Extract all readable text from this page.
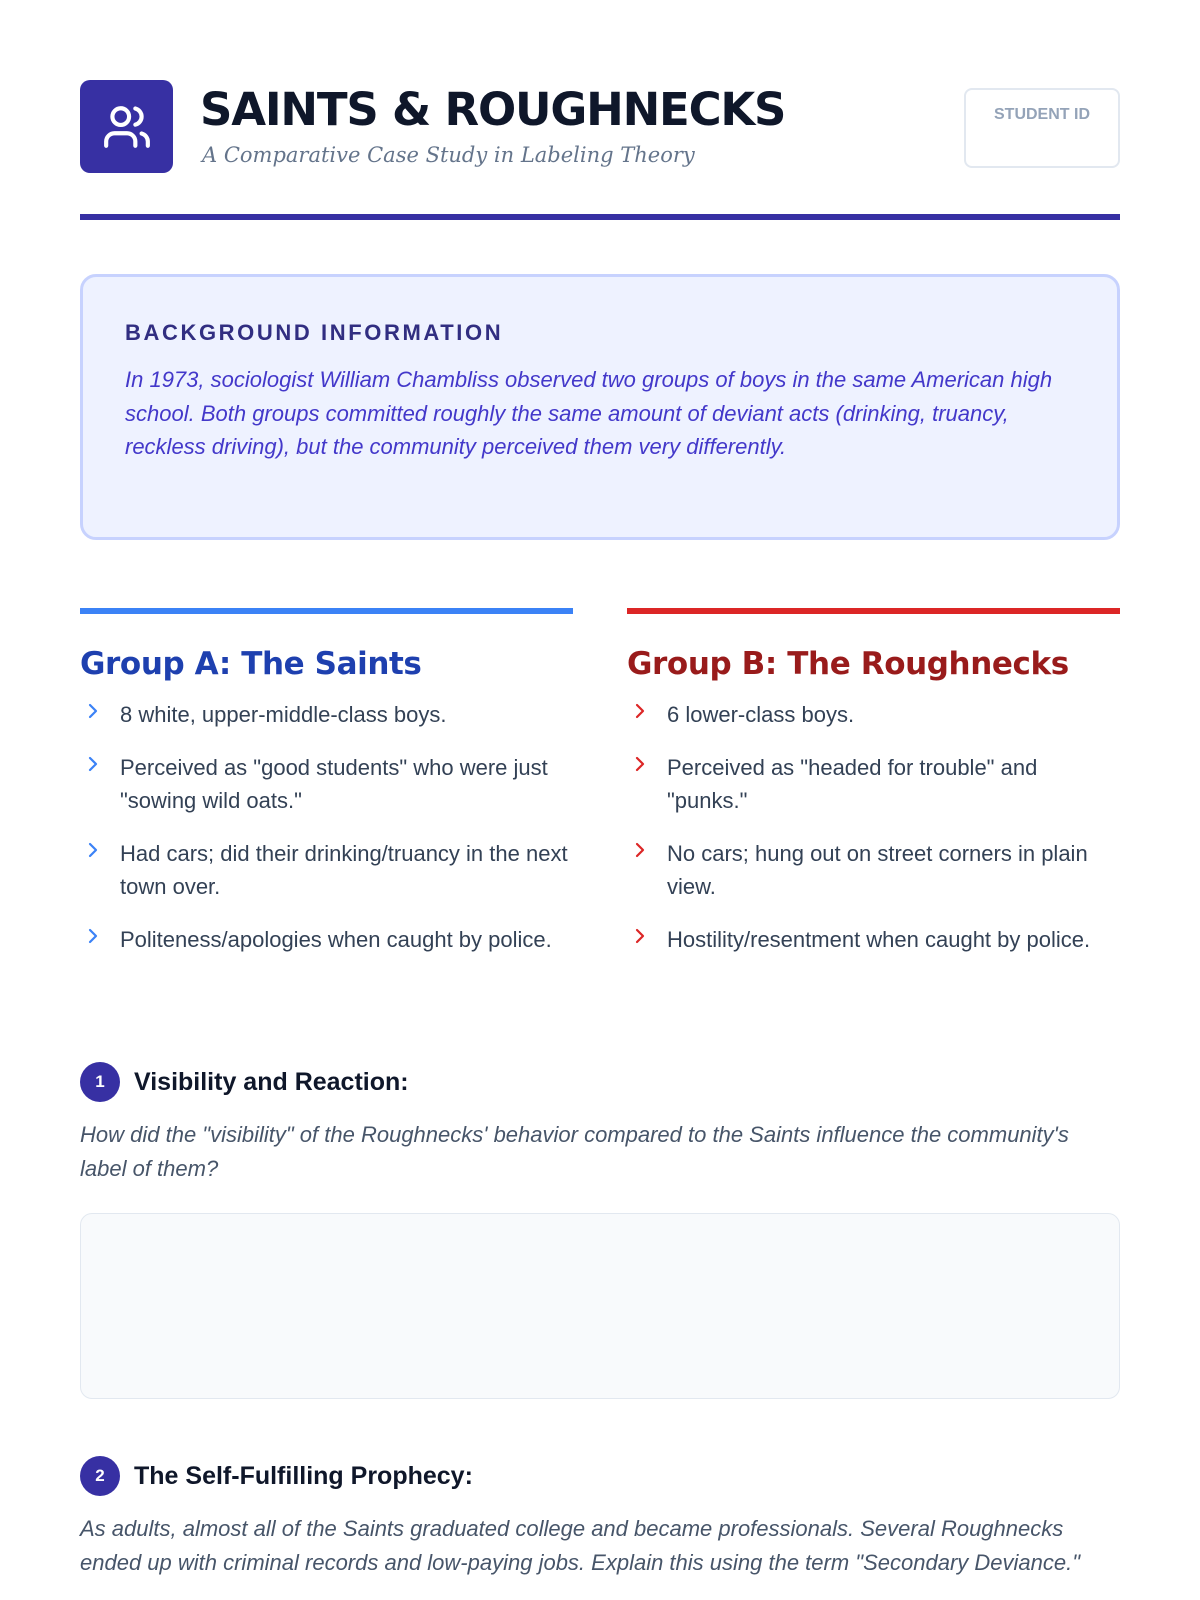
SAINTS & ROUGHNECKS
A Comparative Case Study in Labeling Theory
STUDENT ID
BACKGROUND INFORMATION

In 1973, sociologist William Chambliss observed two groups of boys in the same American high school. Both groups committed roughly the same amount of deviant acts (drinking, truancy, reckless driving), but the community perceived them very differently.

Group A: The Saints
8 white, upper-middle-class boys.
Perceived as "good students" who were just "sowing wild oats."
Had cars; did their drinking/truancy in the next town over.
Politeness/apologies when caught by police.
Group B: The Roughnecks
6 lower-class boys.
Perceived as "headed for trouble" and "punks."
No cars; hung out on street corners in plain view.
Hostility/resentment when caught by police.
1	Visibility and Reaction:

How did the "visibility" of the Roughnecks' behavior compared to the Saints influence the community's label of them?

2	The Self-Fulfilling Prophecy:

As adults, almost all of the Saints graduated college and became professionals. Several Roughnecks ended up with criminal records and low-paying jobs. Explain this using the term "Secondary Deviance."
